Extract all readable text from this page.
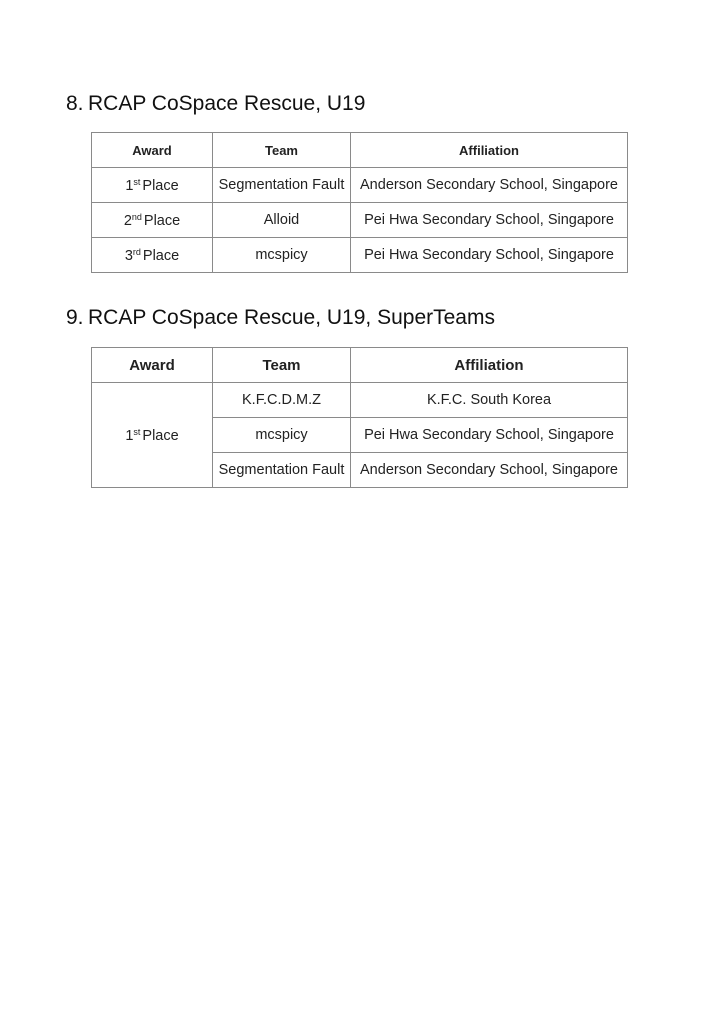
8. RCAP CoSpace Rescue, U19
Award	Team	Affiliation
1st Place	Segmentation Fault	Anderson Secondary School, Singapore
2nd Place	Alloid	Pei Hwa Secondary School, Singapore
3rd Place	mcspicy	Pei Hwa Secondary School, Singapore
9. RCAP CoSpace Rescue, U19, SuperTeams
Award	Team	Affiliation
1st Place	K.F.C.D.M.Z	K.F.C. South Korea
	mcspicy	Pei Hwa Secondary School, Singapore
	Segmentation Fault	Anderson Secondary School, Singapore
